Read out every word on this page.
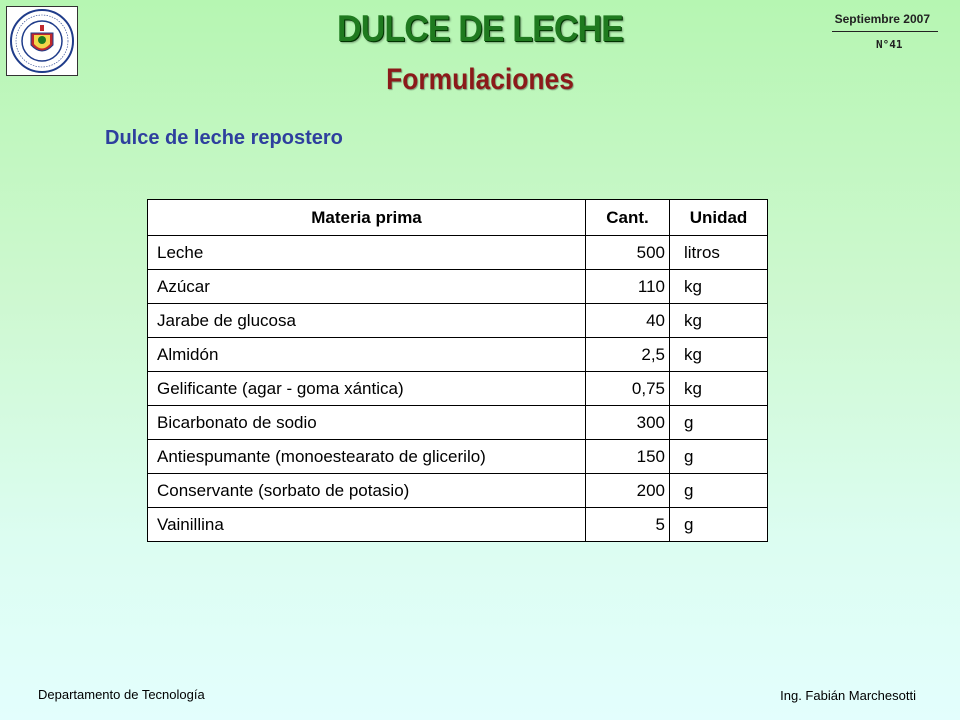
DULCE DE LECHE
Formulaciones
Septiembre 2007
N°41
Dulce de leche repostero
Materia prima	Cant.	Unidad
Leche	500	litros
Azúcar	110	kg
Jarabe de glucosa	40	kg
Almidón	2,5	kg
Gelificante (agar - goma xántica)	0,75	kg
Bicarbonato de sodio	300	g
Antiespumante (monoestearato de glicerilo)	150	g
Conservante (sorbato de potasio)	200	g
Vainillina	5	g
Departamento de Tecnología	Ing. Fabián Marchesotti
